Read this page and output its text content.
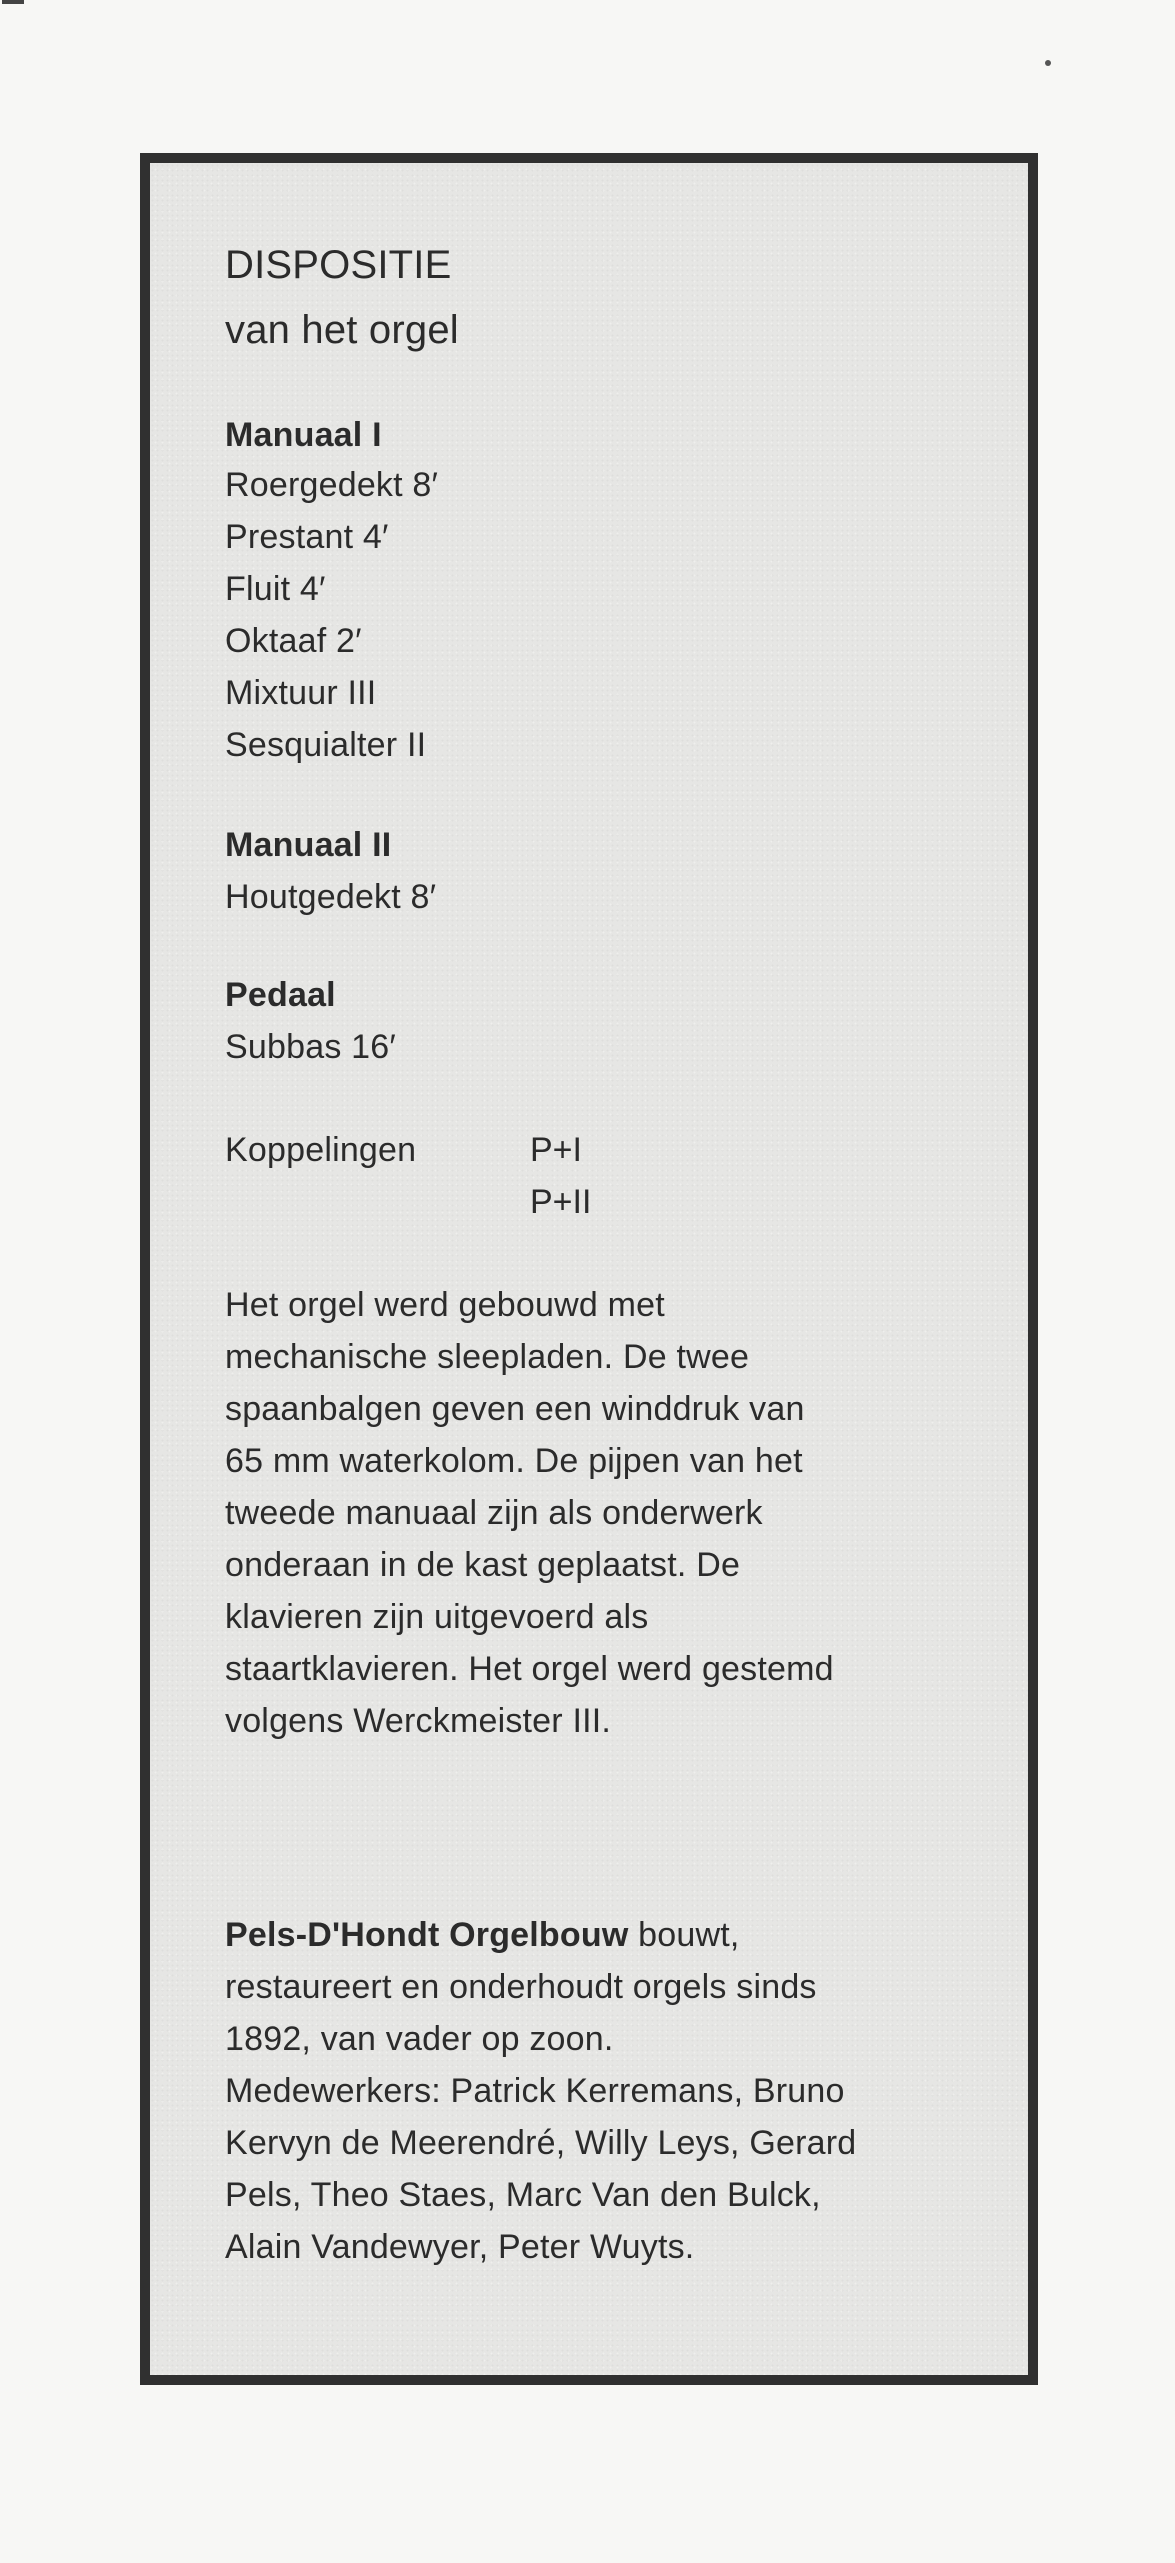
DISPOSITIE
van het orgel
Manuaal I
Roergedekt 8′
Prestant 4′
Fluit 4′
Oktaaf 2′
Mixtuur III
Sesquialter II
Manuaal II
Houtgedekt 8′
Pedaal
Subbas 16′
Koppelingen	P+I
P+II
Het orgel werd gebouwd met
mechanische sleepladen. De twee
spaanbalgen geven een winddruk van
65 mm waterkolom. De pijpen van het
tweede manuaal zijn als onderwerk
onderaan in de kast geplaatst. De
klavieren zijn uitgevoerd als
staartklavieren. Het orgel werd gestemd
volgens Werckmeister III.
Pels-D'Hondt Orgelbouw bouwt,
restaureert en onderhoudt orgels sinds
1892, van vader op zoon.
Medewerkers: Patrick Kerremans, Bruno
Kervyn de Meerendré, Willy Leys, Gerard
Pels, Theo Staes, Marc Van den Bulck,
Alain Vandewyer, Peter Wuyts.
